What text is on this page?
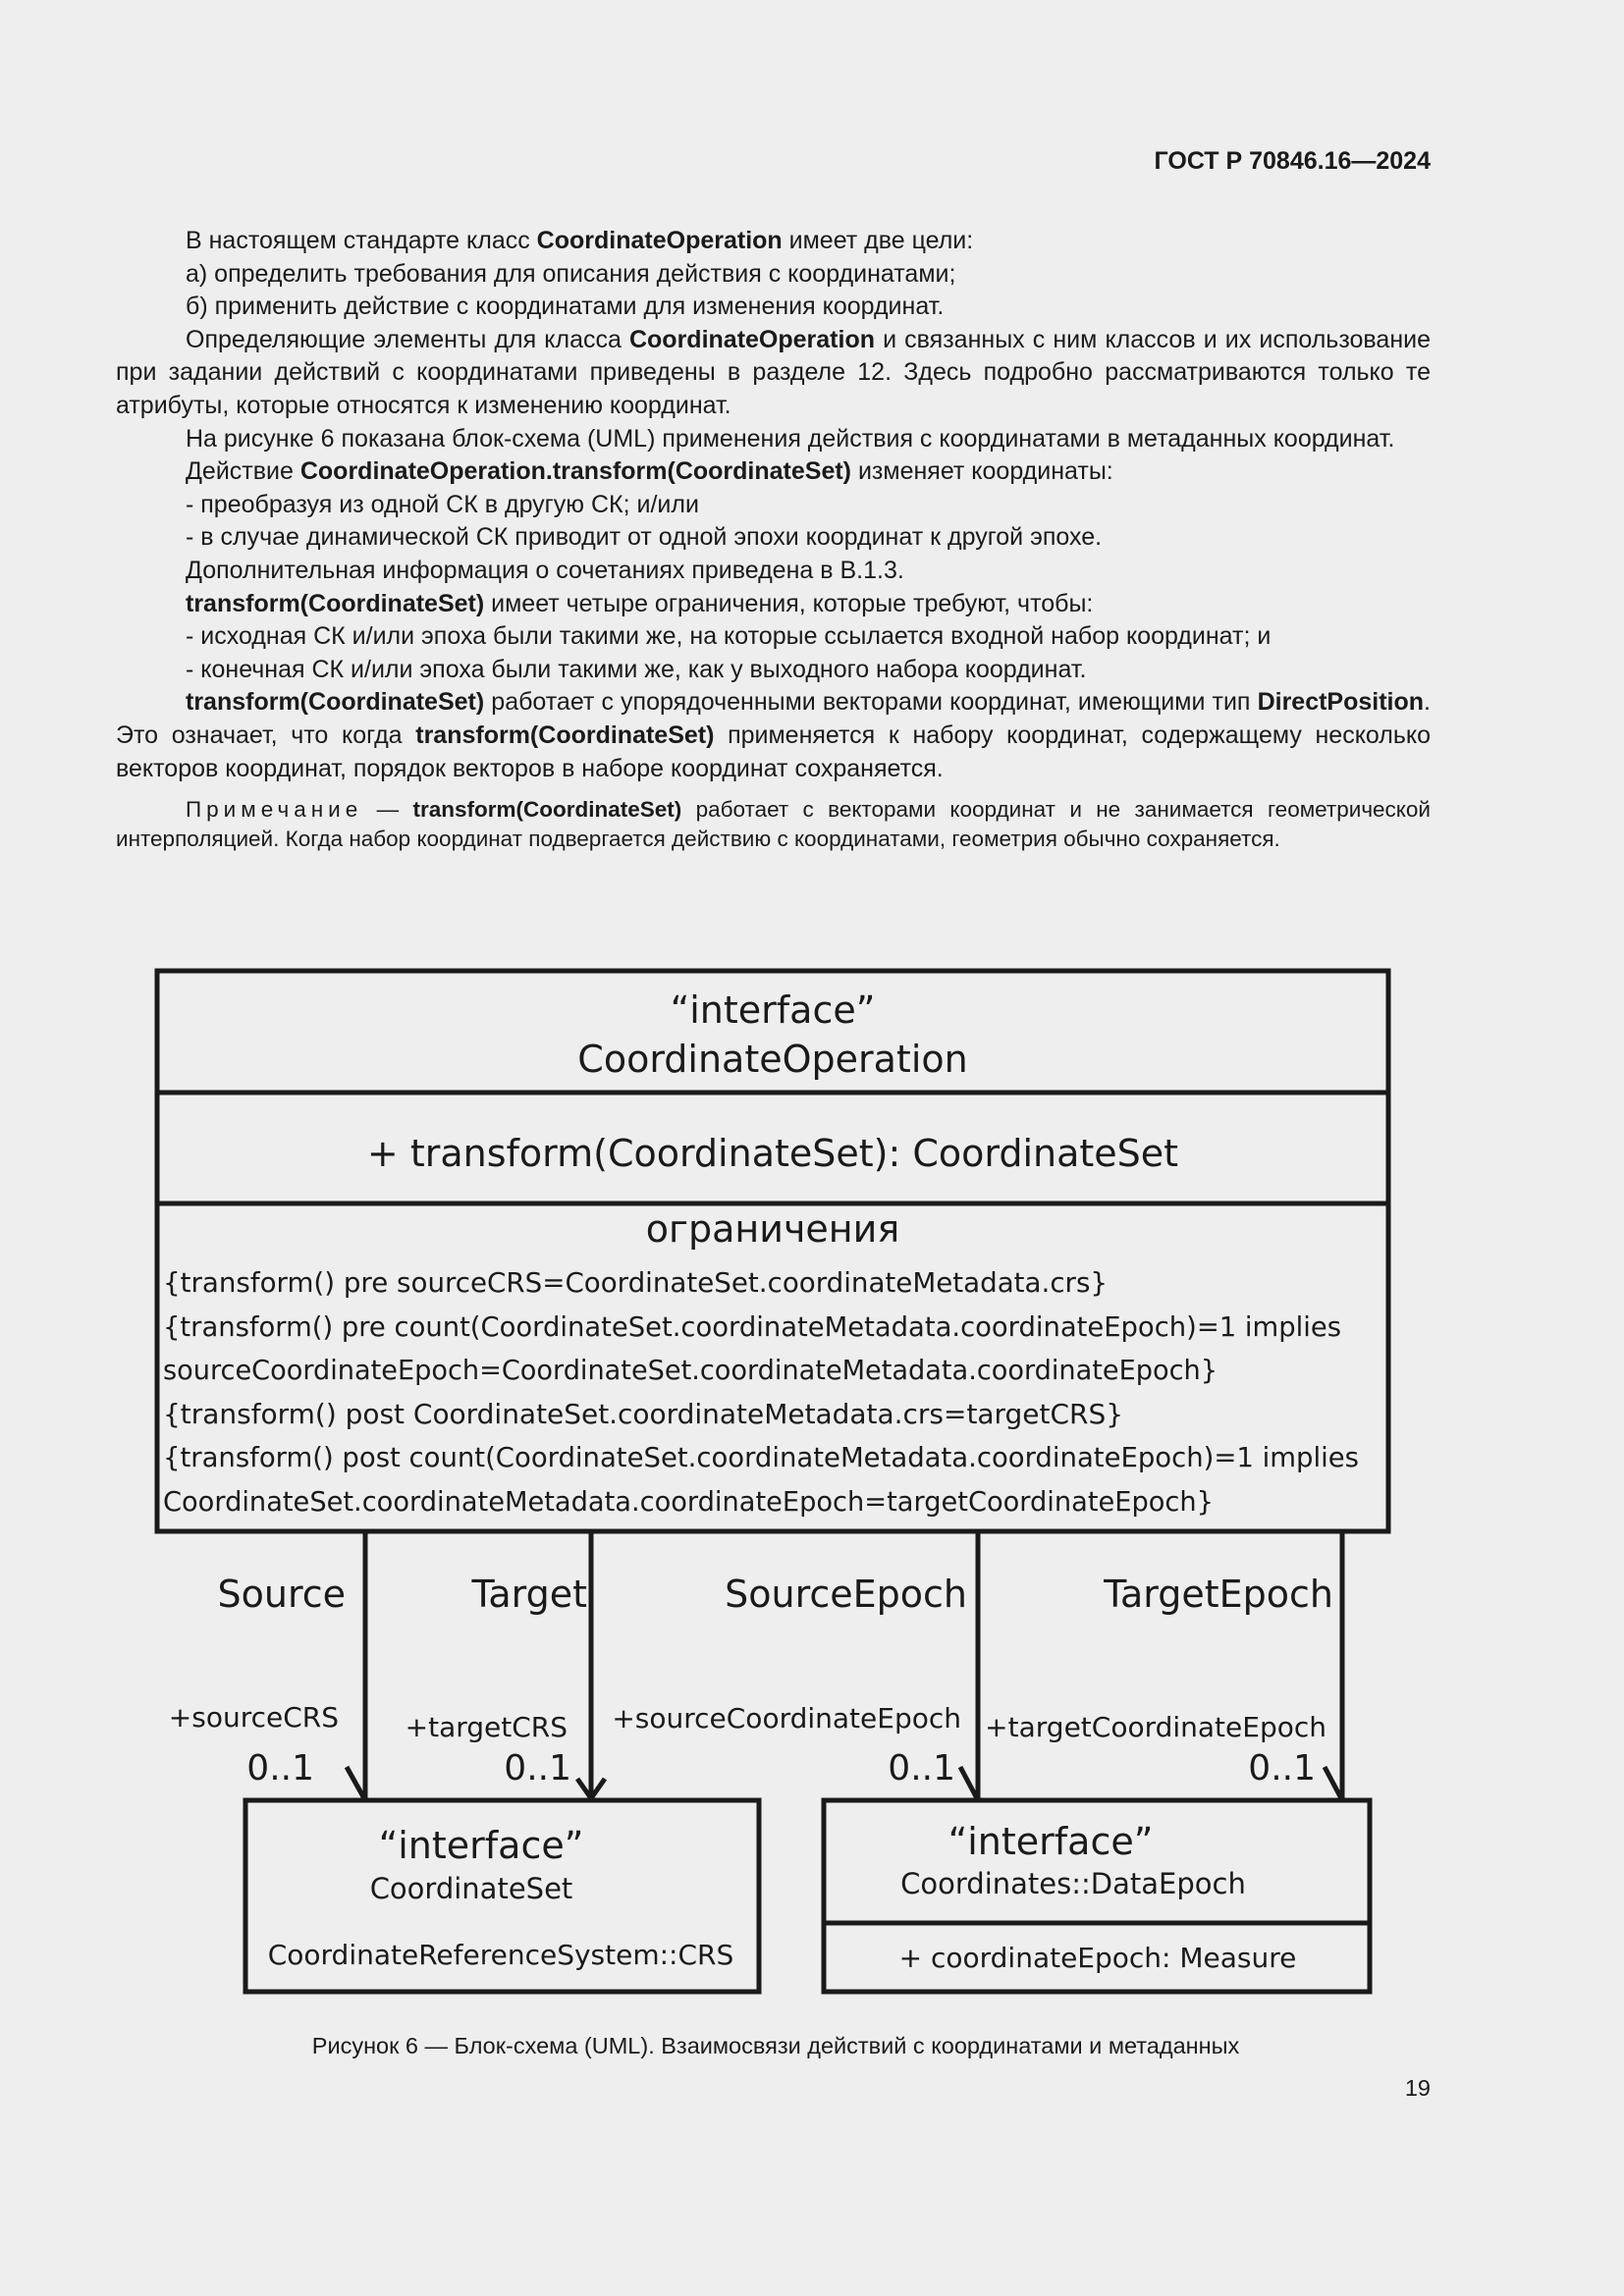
ГОСТ Р 70846.16—2024

В настоящем стандарте класс CoordinateOperation имеет две цели:

а) определить требования для описания действия с координатами;

б) применить действие с координатами для изменения координат.

Определяющие элементы для класса CoordinateOperation и связанных с ним классов и их использование при задании действий с координатами приведены в разделе 12. Здесь подробно рассматриваются только те атрибуты, которые относятся к изменению координат.

На рисунке 6 показана блок-схема (UML) применения действия с координатами в метаданных координат.

Действие CoordinateOperation.transform(CoordinateSet) изменяет координаты:

- преобразуя из одной СК в другую СК; и/или

- в случае динамической СК приводит от одной эпохи координат к другой эпохе.

Дополнительная информация о сочетаниях приведена в В.1.3.

transform(CoordinateSet) имеет четыре ограничения, которые требуют, чтобы:

- исходная СК и/или эпоха были такими же, на которые ссылается входной набор координат; и

- конечная СК и/или эпоха были такими же, как у выходного набора координат.

transform(CoordinateSet) работает с упорядоченными векторами координат, имеющими тип DirectPosition. Это означает, что когда transform(CoordinateSet) применяется к набору координат, содержащему несколько векторов координат, порядок векторов в наборе координат сохраняется.

Примечание — transform(CoordinateSet) работает с векторами координат и не занимается геометрической интерполяцией. Когда набор координат подвергается действию с координатами, геометрия обычно сохраняется.

“interface”
CoordinateOperation
+ transform(CoordinateSet): CoordinateSet
ограничения
{transform() pre sourceCRS=CoordinateSet.coordinateMetadata.crs}
{transform() pre count(CoordinateSet.coordinateMetadata.coordinateEpoch)=1 implies
sourceCoordinateEpoch=CoordinateSet.coordinateMetadata.coordinateEpoch}
{transform() post CoordinateSet.coordinateMetadata.crs=targetCRS}
{transform() post count(CoordinateSet.coordinateMetadata.coordinateEpoch)=1 implies
CoordinateSet.coordinateMetadata.coordinateEpoch=targetCoordinateEpoch}
Source	Target	SourceEpoch	TargetEpoch
+sourceCRS +targetCRS +sourceCoordinateEpoch +targetCoordinateEpoch
0..1	0..1	0..1	0..1
“interface”
CoordinateSet
CoordinateReferenceSystem::CRS
“interface”
Coordinates::DataEpoch
+ coordinateEpoch: Measure

Рисунок 6 — Блок-схема (UML). Взаимосвязи действий с координатами и метаданных

19
